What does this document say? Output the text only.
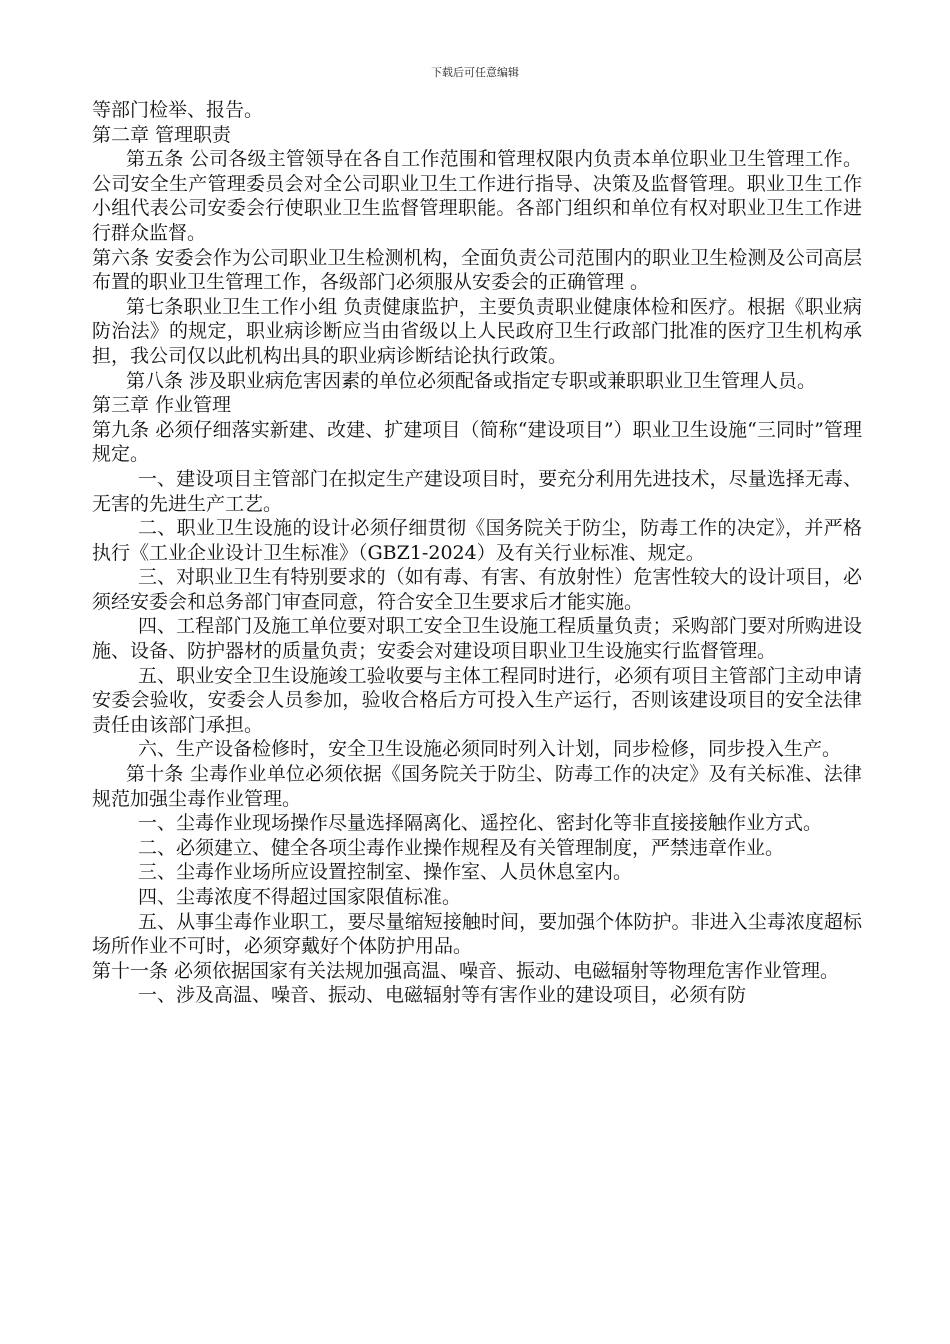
下载后可任意编辑

等部门检举、报告。

第二章 管理职责

第五条 公司各级主管领导在各自工作范围和管理权限内负责本单位职业卫生管理工作。公司安全生产管理委员会对全公司职业卫生工作进行指导、决策及监督管理。职业卫生工作小组代表公司安委会行使职业卫生监督管理职能。各部门组织和单位有权对职业卫生工作进行群众监督。

第六条 安委会作为公司职业卫生检测机构，全面负责公司范围内的职业卫生检测及公司高层布置的职业卫生管理工作，各级部门必须服从安委会的正确管理 。

第七条职业卫生工作小组 负责健康监护，主要负责职业健康体检和医疗。根据《职业病防治法》的规定，职业病诊断应当由省级以上人民政府卫生行政部门批准的医疗卫生机构承担，我公司仅以此机构出具的职业病诊断结论执行政策。

第八条 涉及职业病危害因素的单位必须配备或指定专职或兼职职业卫生管理人员。

第三章 作业管理

第九条 必须仔细落实新建、改建、扩建项目（简称“建设项目”）职业卫生设施“三同时”管理规定。

一、建设项目主管部门在拟定生产建设项目时，要充分利用先进技术，尽量选择无毒、无害的先进生产工艺。

二、职业卫生设施的设计必须仔细贯彻《国务院关于防尘，防毒工作的决定》，并严格执行《工业企业设计卫生标准》（GBZ1-2024）及有关行业标准、规定。

三、对职业卫生有特别要求的（如有毒、有害、有放射性）危害性较大的设计项目，必须经安委会和总务部门审查同意，符合安全卫生要求后才能实施。

四、工程部门及施工单位要对职工安全卫生设施工程质量负责；采购部门要对所购进设施、设备、防护器材的质量负责；安委会对建设项目职业卫生设施实行监督管理。

五、职业安全卫生设施竣工验收要与主体工程同时进行，必须有项目主管部门主动申请安委会验收，安委会人员参加，验收合格后方可投入生产运行，否则该建设项目的安全法律责任由该部门承担。

六、生产设备检修时，安全卫生设施必须同时列入计划，同步检修，同步投入生产。

第十条 尘毒作业单位必须依据《国务院关于防尘、防毒工作的决定》及有关标准、法律规范加强尘毒作业管理。

一、尘毒作业现场操作尽量选择隔离化、遥控化、密封化等非直接接触作业方式。

二、必须建立、健全各项尘毒作业操作规程及有关管理制度，严禁违章作业。

三、尘毒作业场所应设置控制室、操作室、人员休息室内。

四、尘毒浓度不得超过国家限值标准。

五、从事尘毒作业职工，要尽量缩短接触时间，要加强个体防护。非进入尘毒浓度超标场所作业不可时，必须穿戴好个体防护用品。

第十一条 必须依据国家有关法规加强高温、噪音、振动、电磁辐射等物理危害作业管理。

一、涉及高温、噪音、振动、电磁辐射等有害作业的建设项目，必须有防
